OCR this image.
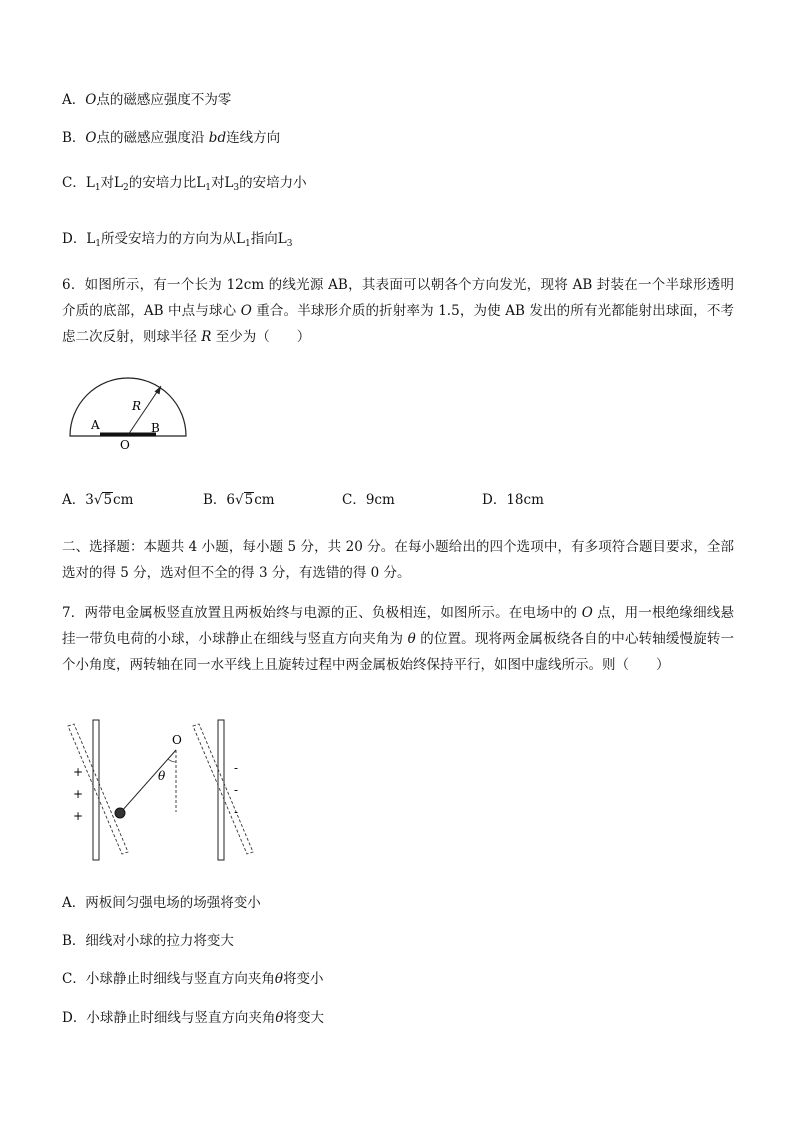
A．O点的磁感应强度不为零
B．O点的磁感应强度沿 bd连线方向
C．$L_1$对$L_2$的安培力比$L_1$对$L_3$的安培力小
D．$L_1$所受安培力的方向为从$L_1$指向$L_3$
6．如图所示，有一个长为 12cm 的线光源 AB，其表面可以朝各个方向发光，现将 AB 封装在一个半球形透明介质的底部，AB 中点与球心 O 重合。半球形介质的折射率为 1.5，为使 AB 发出的所有光都能射出球面，不考虑二次反射，则球半径 R 至少为（　　）
A	B
O
R
A．3√5cm	B．6√5cm	C．9cm	D．18cm
二、选择题：本题共 4 小题，每小题 5 分，共 20 分。在每小题给出的四个选项中，有多项符合题目要求，全部选对的得 5 分，选对但不全的得 3 分，有选错的得 0 分。
7．两带电金属板竖直放置且两板始终与电源的正、负极相连，如图所示。在电场中的 O 点，用一根绝缘细线悬挂一带负电荷的小球，小球静止在细线与竖直方向夹角为 θ 的位置。现将两金属板绕各自的中心转轴缓慢旋转一个小角度，两转轴在同一水平线上且旋转过程中两金属板始终保持平行，如图中虚线所示。则（　　）
+
+
+
-
-
-
O
θ
A．两板间匀强电场的场强将变小
B．细线对小球的拉力将变大
C．小球静止时细线与竖直方向夹角θ将变小
D．小球静止时细线与竖直方向夹角θ将变大
